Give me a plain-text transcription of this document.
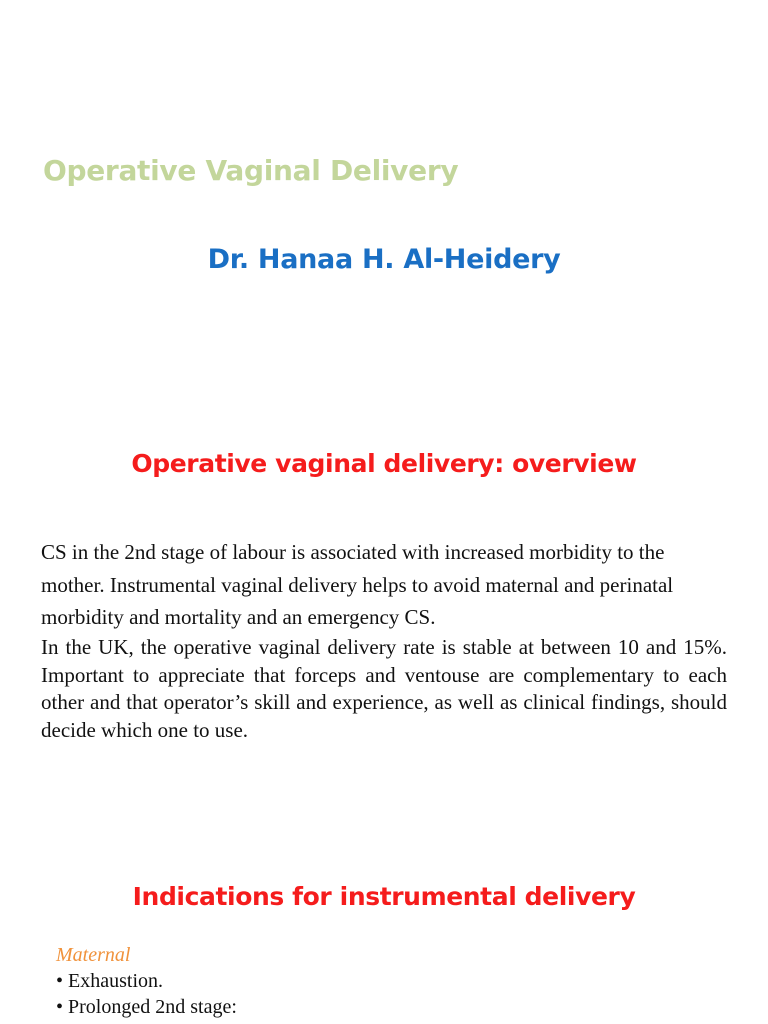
Operative Vaginal Delivery
Dr. Hanaa H. Al-Heidery
Operative vaginal delivery: overview

CS in the 2nd stage of labour is associated with increased morbidity to the mother. Instrumental vaginal delivery helps to avoid maternal and perinatal morbidity and mortality and an emergency CS.

In the UK, the operative vaginal delivery rate is stable at between 10 and 15%. Important to appreciate that forceps and ventouse are complementary to each other and that operator’s skill and experience, as well as clinical findings, should decide which one to use.

Indications for instrumental delivery

Maternal

• Exhaustion.
• Prolonged 2nd stage:
